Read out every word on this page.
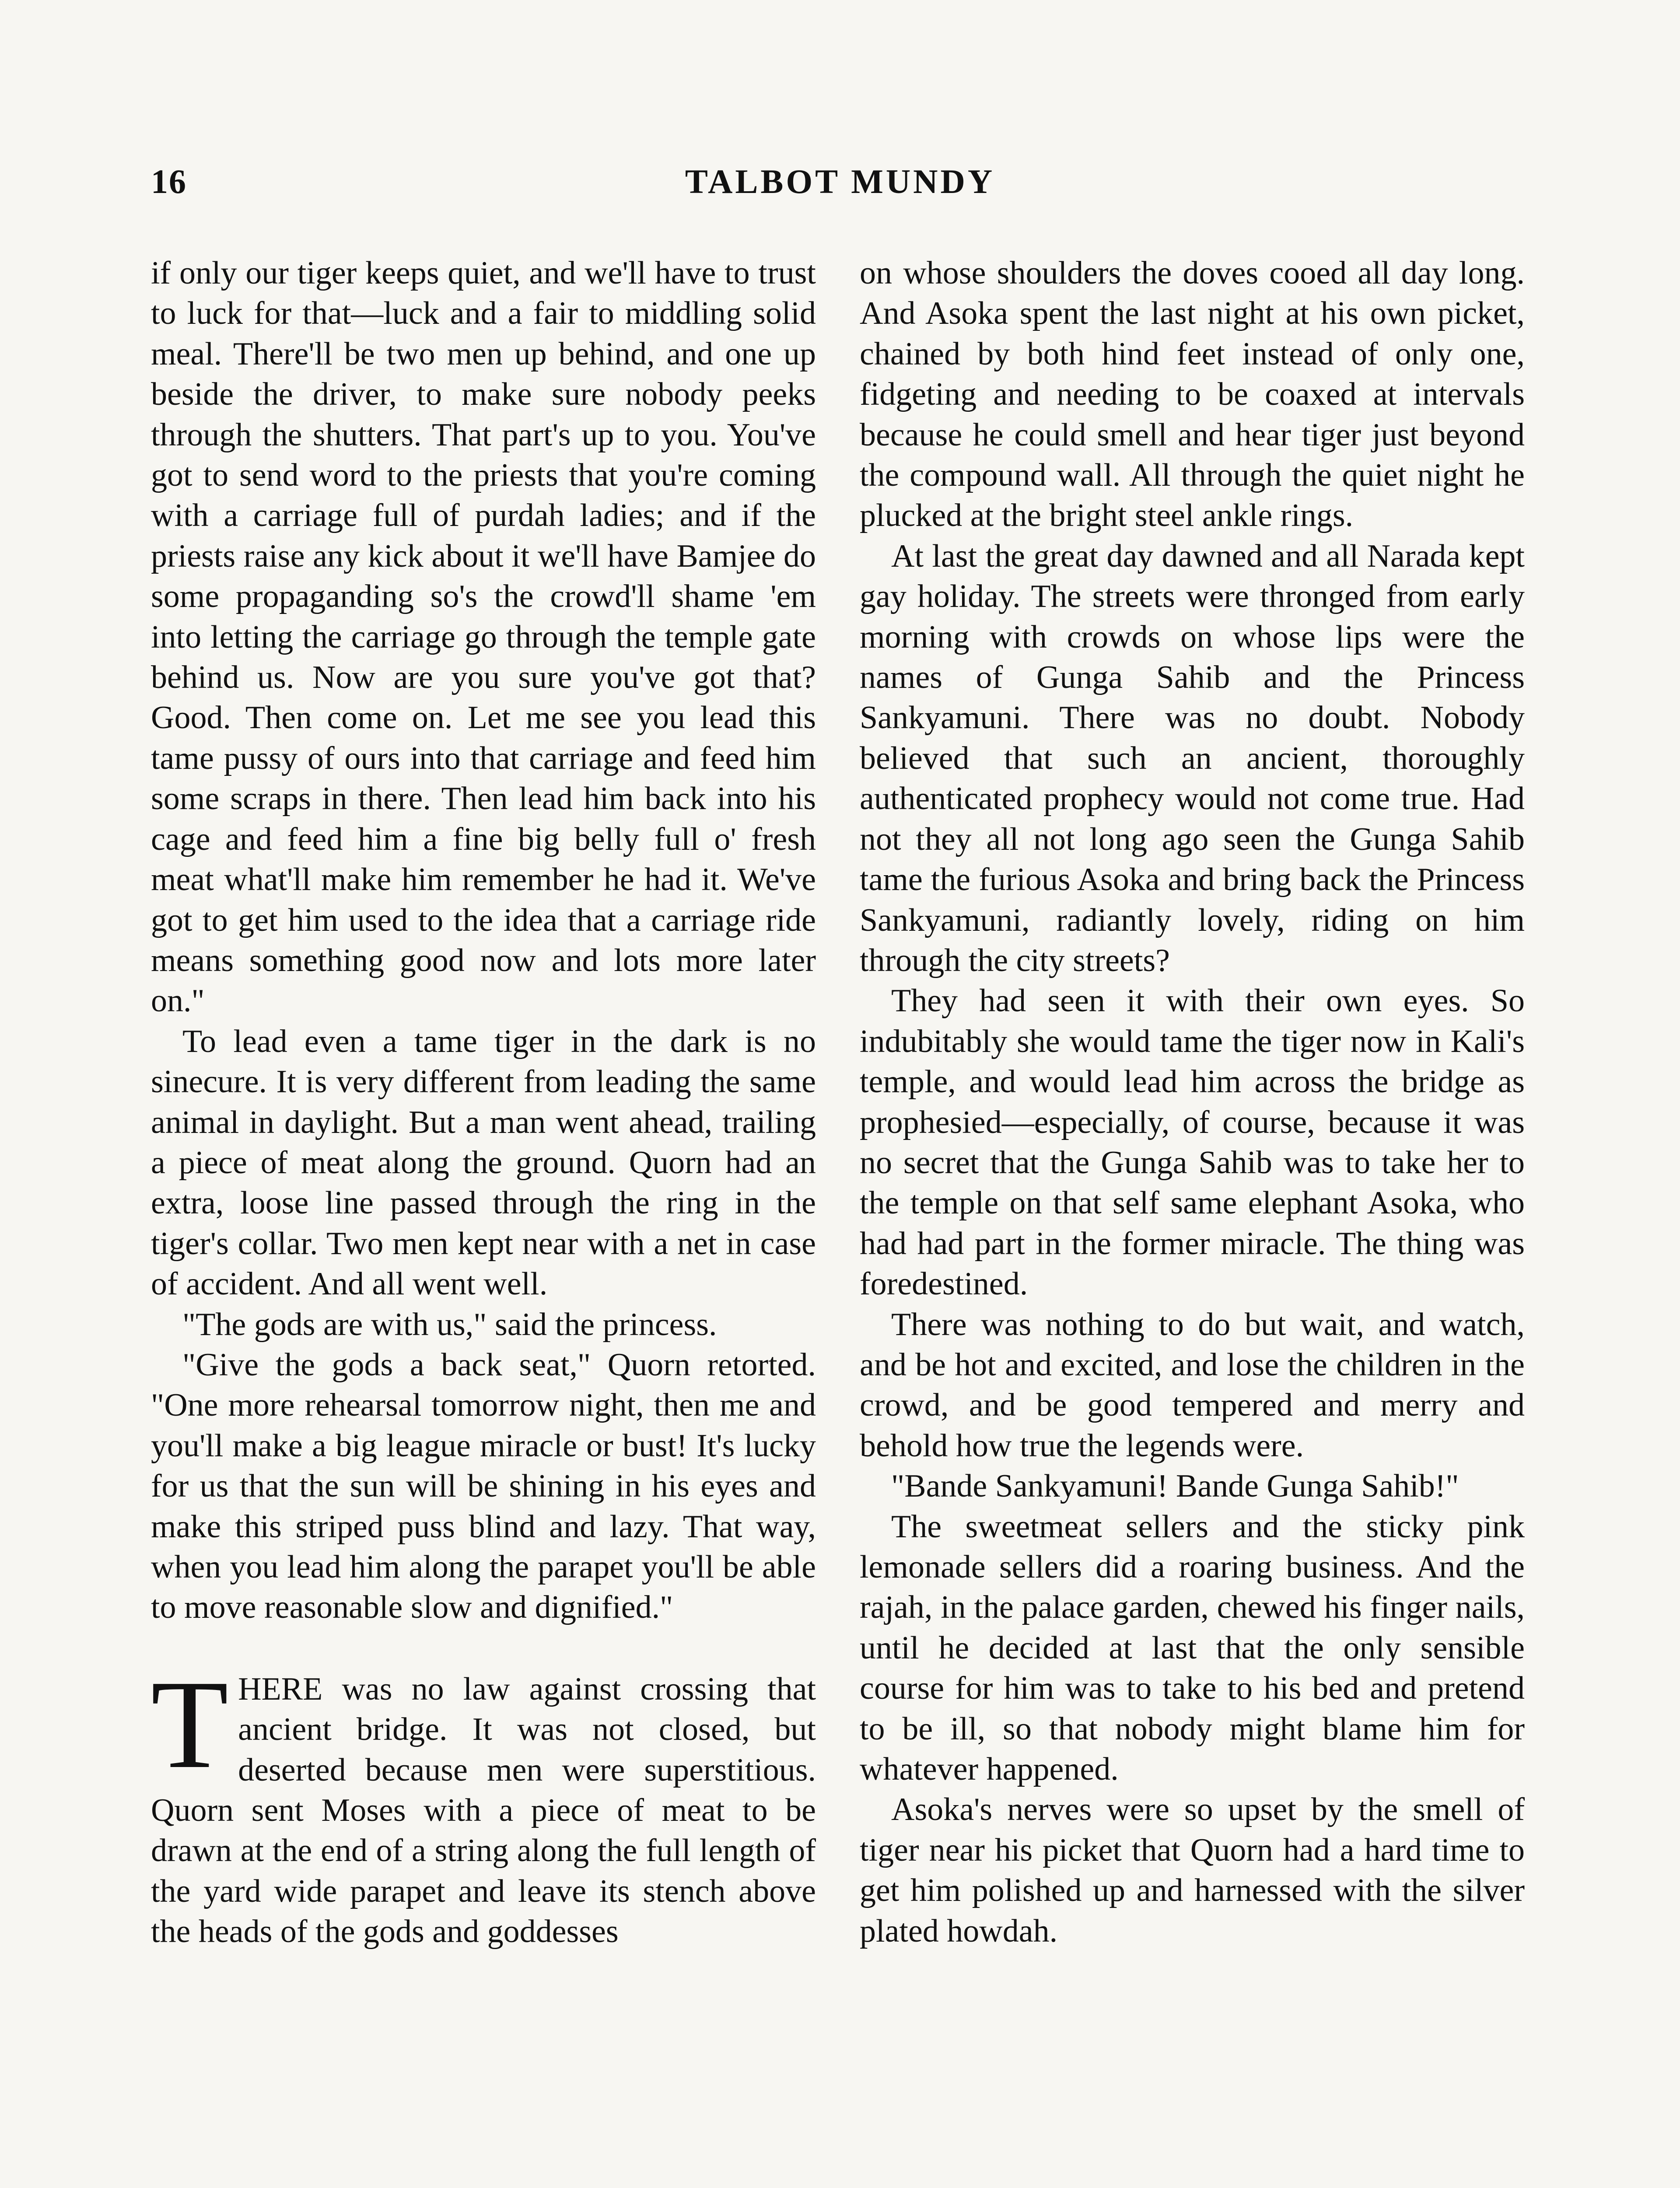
16	TALBOT MUNDY

if only our tiger keeps quiet, and we'll have to trust to luck for that—luck and a fair to middling solid meal. There'll be two men up behind, and one up beside the driver, to make sure nobody peeks through the shutters. That part's up to you. You've got to send word to the priests that you're coming with a carriage full of purdah ladies; and if the priests raise any kick about it we'll have Bamjee do some propaganding so's the crowd'll shame 'em into letting the carriage go through the temple gate behind us. Now are you sure you've got that? Good. Then come on. Let me see you lead this tame pussy of ours into that carriage and feed him some scraps in there. Then lead him back into his cage and feed him a fine big belly full o' fresh meat what'll make him remember he had it. We've got to get him used to the idea that a carriage ride means something good now and lots more later on."

To lead even a tame tiger in the dark is no sinecure. It is very different from leading the same animal in daylight. But a man went ahead, trailing a piece of meat along the ground. Quorn had an extra, loose line passed through the ring in the tiger's collar. Two men kept near with a net in case of accident. And all went well.

"The gods are with us," said the princess.

"Give the gods a back seat," Quorn retorted. "One more rehearsal tomorrow night, then me and you'll make a big league miracle or bust! It's lucky for us that the sun will be shining in his eyes and make this striped puss blind and lazy. That way, when you lead him along the parapet you'll be able to move reasonable slow and dignified."

THERE was no law against crossing that ancient bridge. It was not closed, but deserted because men were superstitious. Quorn sent Moses with a piece of meat to be drawn at the end of a string along the full length of the yard wide parapet and leave its stench above the heads of the gods and goddesses

on whose shoulders the doves cooed all day long. And Asoka spent the last night at his own picket, chained by both hind feet instead of only one, fidgeting and needing to be coaxed at intervals because he could smell and hear tiger just beyond the compound wall. All through the quiet night he plucked at the bright steel ankle rings.

At last the great day dawned and all Narada kept gay holiday. The streets were thronged from early morning with crowds on whose lips were the names of Gunga Sahib and the Princess Sankyamuni. There was no doubt. Nobody believed that such an ancient, thoroughly authenticated prophecy would not come true. Had not they all not long ago seen the Gunga Sahib tame the furious Asoka and bring back the Princess Sankyamuni, radiantly lovely, riding on him through the city streets?

They had seen it with their own eyes. So indubitably she would tame the tiger now in Kali's temple, and would lead him across the bridge as prophesied—especially, of course, because it was no secret that the Gunga Sahib was to take her to the temple on that self same elephant Asoka, who had had part in the former miracle. The thing was foredestined.

There was nothing to do but wait, and watch, and be hot and excited, and lose the children in the crowd, and be good tempered and merry and behold how true the legends were.

"Bande Sankyamuni! Bande Gunga Sahib!"

The sweetmeat sellers and the sticky pink lemonade sellers did a roaring business. And the rajah, in the palace garden, chewed his finger nails, until he decided at last that the only sensible course for him was to take to his bed and pretend to be ill, so that nobody might blame him for whatever happened.

Asoka's nerves were so upset by the smell of tiger near his picket that Quorn had a hard time to get him polished up and harnessed with the silver plated howdah.
